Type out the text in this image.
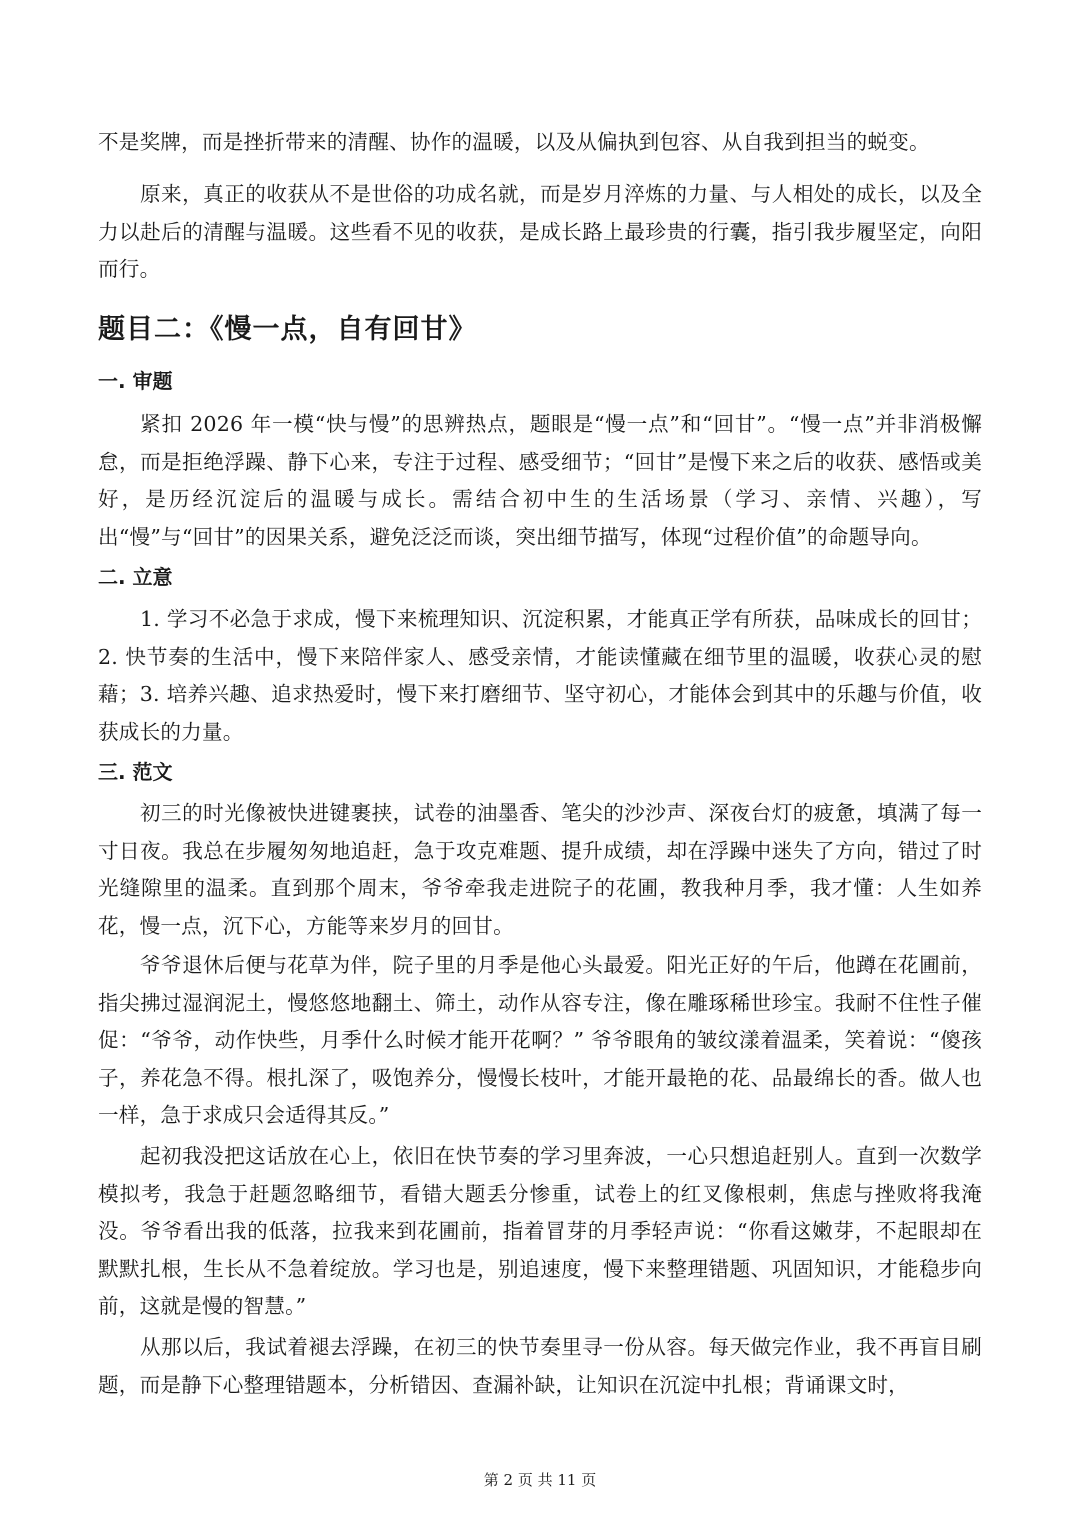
不是奖牌，而是挫折带来的清醒、协作的温暖，以及从偏执到包容、从自我到担当的蜕变。

原来，真正的收获从不是世俗的功成名就，而是岁月淬炼的力量、与人相处的成长，以及全力以赴后的清醒与温暖。这些看不见的收获，是成长路上最珍贵的行囊，指引我步履坚定，向阳而行。

题目二：《慢一点，自有回甘》
一. 审题

紧扣 2026 年一模“快与慢”的思辨热点，题眼是“慢一点”和“回甘”。“慢一点”并非消极懈怠，而是拒绝浮躁、静下心来，专注于过程、感受细节；“回甘”是慢下来之后的收获、感悟或美好，是历经沉淀后的温暖与成长。需结合初中生的生活场景（学习、亲情、兴趣），写出“慢”与“回甘”的因果关系，避免泛泛而谈，突出细节描写，体现“过程价值”的命题导向。

二. 立意

1. 学习不必急于求成，慢下来梳理知识、沉淀积累，才能真正学有所获，品味成长的回甘；2. 快节奏的生活中，慢下来陪伴家人、感受亲情，才能读懂藏在细节里的温暖，收获心灵的慰藉；3. 培养兴趣、追求热爱时，慢下来打磨细节、坚守初心，才能体会到其中的乐趣与价值，收获成长的力量。

三. 范文

初三的时光像被快进键裹挟，试卷的油墨香、笔尖的沙沙声、深夜台灯的疲惫，填满了每一寸日夜。我总在步履匆匆地追赶，急于攻克难题、提升成绩，却在浮躁中迷失了方向，错过了时光缝隙里的温柔。直到那个周末，爷爷牵我走进院子的花圃，教我种月季，我才懂：人生如养花，慢一点，沉下心，方能等来岁月的回甘。

爷爷退休后便与花草为伴，院子里的月季是他心头最爱。阳光正好的午后，他蹲在花圃前，指尖拂过湿润泥土，慢悠悠地翻土、筛土，动作从容专注，像在雕琢稀世珍宝。我耐不住性子催促：“爷爷，动作快些，月季什么时候才能开花啊？” 爷爷眼角的皱纹漾着温柔，笑着说：“傻孩子，养花急不得。根扎深了，吸饱养分，慢慢长枝叶，才能开最艳的花、品最绵长的香。做人也一样，急于求成只会适得其反。”

起初我没把这话放在心上，依旧在快节奏的学习里奔波，一心只想追赶别人。直到一次数学模拟考，我急于赶题忽略细节，看错大题丢分惨重，试卷上的红叉像根刺，焦虑与挫败将我淹没。爷爷看出我的低落，拉我来到花圃前，指着冒芽的月季轻声说：“你看这嫩芽，不起眼却在默默扎根，生长从不急着绽放。学习也是，别追速度，慢下来整理错题、巩固知识，才能稳步向前，这就是慢的智慧。”

从那以后，我试着褪去浮躁，在初三的快节奏里寻一份从容。每天做完作业，我不再盲目刷题，而是静下心整理错题本，分析错因、查漏补缺，让知识在沉淀中扎根；背诵课文时，

第 2 页 共 11 页
